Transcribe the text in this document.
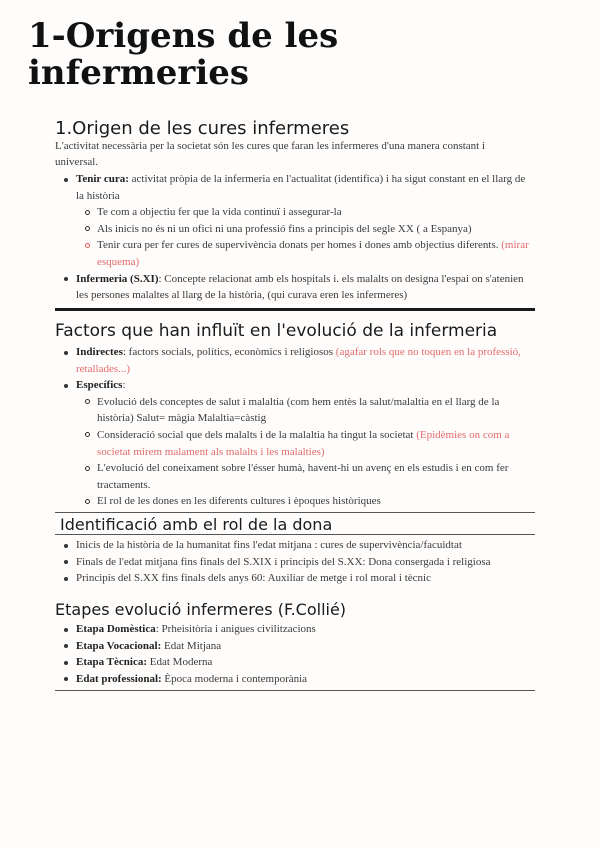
1-Origens de les infermeries
1.Origen de les cures infermeres

L'activitat necessària per la societat són les cures que faran les infermeres d'una manera constant i universal.

Tenir cura: activitat pròpia de la infermeria en l'actualitat (identifica) i ha sigut constant en el llarg de la història
Te com a objectiu fer que la vida continuï i assegurar-la
Als inicis no és ni un ofici ni una professió fins a principis del segle XX ( a Espanya)
Tenir cura per fer cures de supervivència donats per homes i dones amb objectius diferents. (mirar esquema)
Infermeria (S.XI): Concepte relacionat amb els hospitals i. els malalts on designa l'espai on s'atenien les persones malaltes al llarg de la història, (qui curava eren les infermeres)
Factors que han influït en l'evolució de la infermeria
Indirectes: factors socials, polítics, econòmics i religiosos (agafar rols que no toquen en la professió, retallades...)
Específics:
Evolució dels conceptes de salut i malaltia (com hem entès la salut/malaltia en el llarg de la història) Salut= màgia Malaltia=càstig
Consideració social que dels malalts i de la malaltia ha tingut la societat (Epidèmies on com a societat mirem malament als malalts i les malalties)
L'evolució del coneixament sobre l'ésser humà, havent-hi un avenç en els estudis i en com fer tractaments.
El rol de les dones en les diferents cultures i èpoques històriques
Identificació amb el rol de la dona
Inicis de la història de la humanitat fins l'edat mitjana : cures de supervivència/facuidtat
Finals de l'edat mitjana fins finals del S.XIX i principis del S.XX: Dona consergada i religiosa
Principis del S.XX fins finals dels anys 60: Auxiliar de metge i rol moral i tècnic
Etapes evolució infermeres (F.Collié)
Etapa Domèstica: Prheisitòria i anigues civilitzacions
Etapa Vocacional: Edat Mitjana
Etapa Tècnica: Edat Moderna
Edat professional: Època moderna i contemporània
